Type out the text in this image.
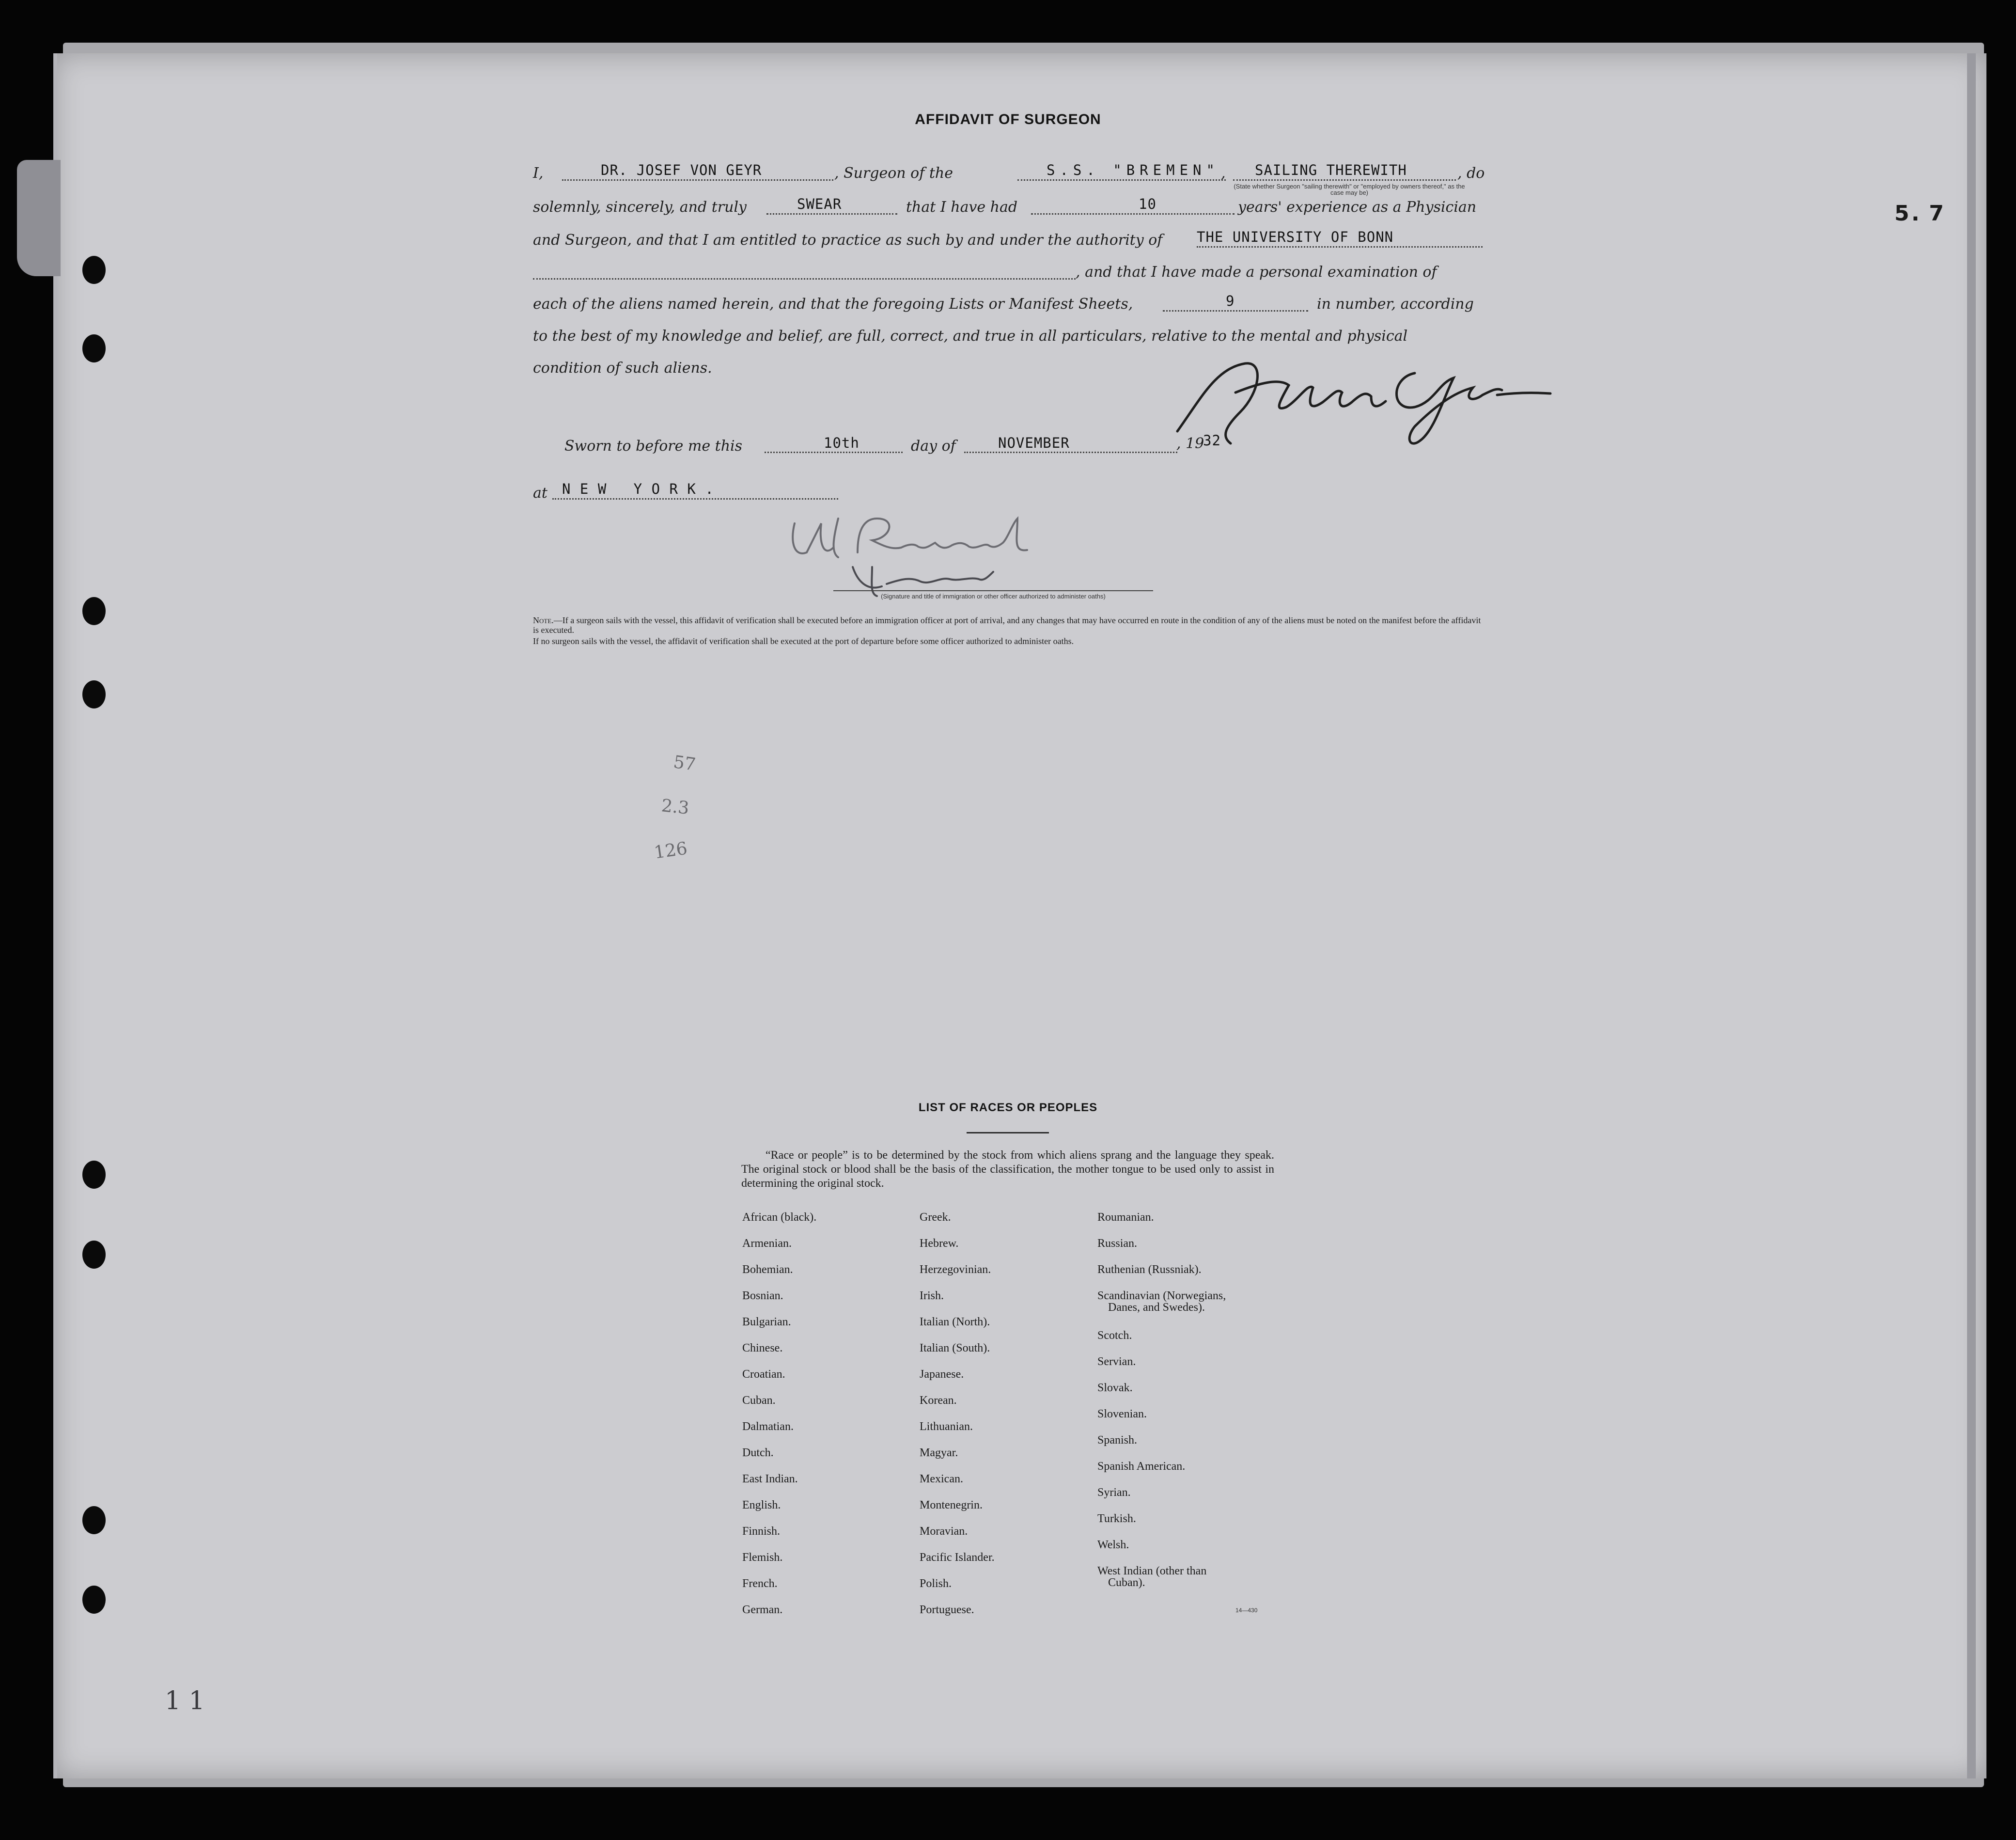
AFFIDAVIT OF SURGEON
I,	DR. JOSEF VON GEYR	, Surgeon of the	S.S. "BREMEN" , SAILING THEREWITH	, do
(State whether Surgeon "sailing therewith" or "employed by owners thereof," as the case may be)
solemnly, sincerely, and truly	SWEAR	that I have had	10	years' experience as a Physician
and Surgeon, and that I am entitled to practice as such by and under the authority of THE UNIVERSITY OF BONN
, and that I have made a personal examination of
each of the aliens named herein, and that the foregoing Lists or Manifest Sheets,	9	in number, according
to the best of my knowledge and belief, are full, correct, and true in all particulars, relative to the mental and physical
condition of such aliens.
Sworn to before me this	10th	day of	NOVEMBER	, 19
32
at N E W   Y O R K .
(Signature and title of immigration or other officer authorized to administer oaths)
Note.—If a surgeon sails with the vessel, this affidavit of verification shall be executed before an immigration officer at port of arrival, and any changes that may have occurred en route in the condition of any of the aliens must be noted on the manifest before the affidavit is executed.
If no surgeon sails with the vessel, the affidavit of verification shall be executed at the port of departure before some officer authorized to administer oaths.
5 .  7
57
2.3
126
1 1
LIST OF RACES OR PEOPLES
“Race or people” is to be determined by the stock from which aliens sprang and the language they speak. The original stock or blood shall be the basis of the classification, the mother tongue to be used only to assist in determining the original stock.
African (black).
Armenian.
Bohemian.
Bosnian.
Bulgarian.
Chinese.
Croatian.
Cuban.
Dalmatian.
Dutch.
East Indian.
English.
Finnish.
Flemish.
French.
German.
Greek.
Hebrew.
Herzegovinian.
Irish.
Italian (North).
Italian (South).
Japanese.
Korean.
Lithuanian.
Magyar.
Mexican.
Montenegrin.
Moravian.
Pacific Islander.
Polish.
Portuguese.
Roumanian.
Russian.
Ruthenian (Russniak).
Scandinavian (Norwegians,
Danes, and Swedes).
Scotch.
Servian.
Slovak.
Slovenian.
Spanish.
Spanish American.
Syrian.
Turkish.
Welsh.
West Indian (other than
Cuban).
14—430
